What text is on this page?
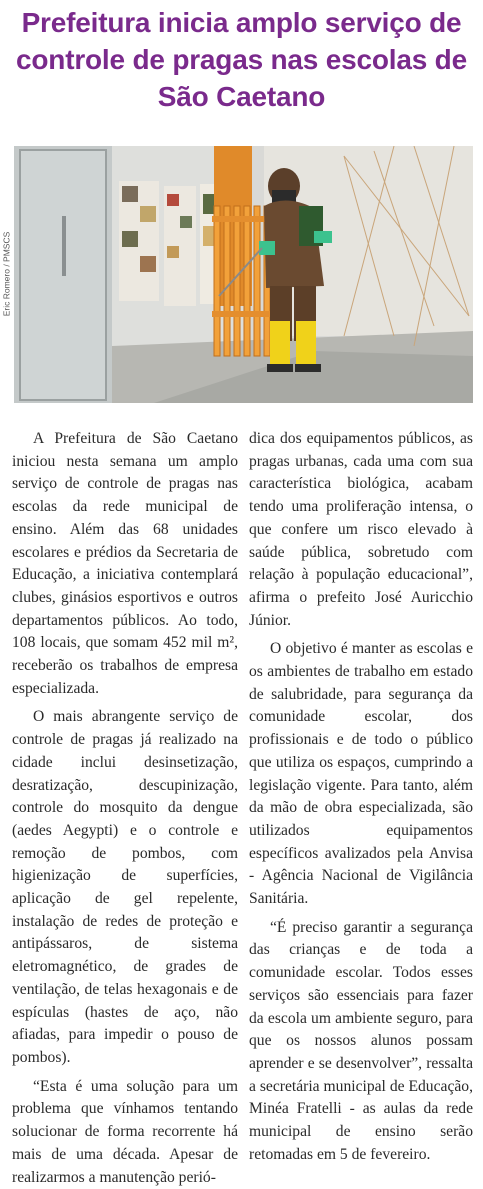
Prefeitura inicia amplo serviço de controle de pragas nas escolas de São Caetano
Eric Romero / PMSCS

A Prefeitura de São Caetano iniciou nesta semana um amplo serviço de controle de pragas nas escolas da rede municipal de ensino. Além das 68 unidades escolares e prédios da Secretaria de Educação, a iniciativa contemplará clubes, ginásios esportivos e outros departamentos públicos. Ao todo, 108 locais, que somam 452 mil m², receberão os trabalhos de empresa especializada.

O mais abrangente serviço de controle de pragas já realizado na cidade inclui desinsetização, desratização, descupinização, controle do mosquito da dengue (aedes Aegypti) e o controle e remoção de pombos, com higienização de superfícies, aplicação de gel repelente, instalação de redes de proteção e antipássaros, de sistema eletromagnético, de grades de ventilação, de telas hexagonais e de espículas (hastes de aço, não afiadas, para impedir o pouso de pombos).

“Esta é uma solução para um problema que vínhamos tentando solucionar de forma recorrente há mais de uma década. Apesar de realizarmos a manutenção perió-

dica dos equipamentos públicos, as pragas urbanas, cada uma com sua característica biológica, acabam tendo uma proliferação intensa, o que confere um risco elevado à saúde pública, sobretudo com relação à população educacional”, afirma o prefeito José Auricchio Júnior.

O objetivo é manter as escolas e os ambientes de trabalho em estado de salubridade, para segurança da comunidade escolar, dos profissionais e de todo o público que utiliza os espaços, cumprindo a legislação vigente. Para tanto, além da mão de obra especializada, são utilizados equipamentos específicos avalizados pela Anvisa - Agência Nacional de Vigilância Sanitária.

“É preciso garantir a segurança das crianças e de toda a comunidade escolar. Todos esses serviços são essenciais para fazer da escola um ambiente seguro, para que os nossos alunos possam aprender e se desenvolver”, ressalta a secretária municipal de Educação, Minéa Fratelli - as aulas da rede municipal de ensino serão retomadas em 5 de fevereiro.
